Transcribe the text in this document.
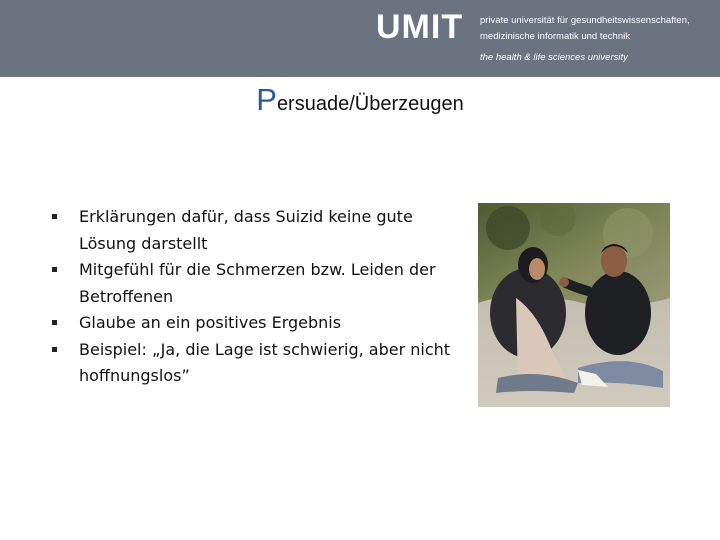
UMIT private universität für gesundheitswissenschaften,
medizinische informatik und technik
the health & life sciences university
Persuade/Überzeugen
Erklärungen dafür, dass Suizid keine gute Lösung darstellt
Mitgefühl für die Schmerzen bzw. Leiden der Betroffenen
Glaube an ein positives Ergebnis
Beispiel: „Ja, die Lage ist schwierig, aber nicht hoffnungslos”
